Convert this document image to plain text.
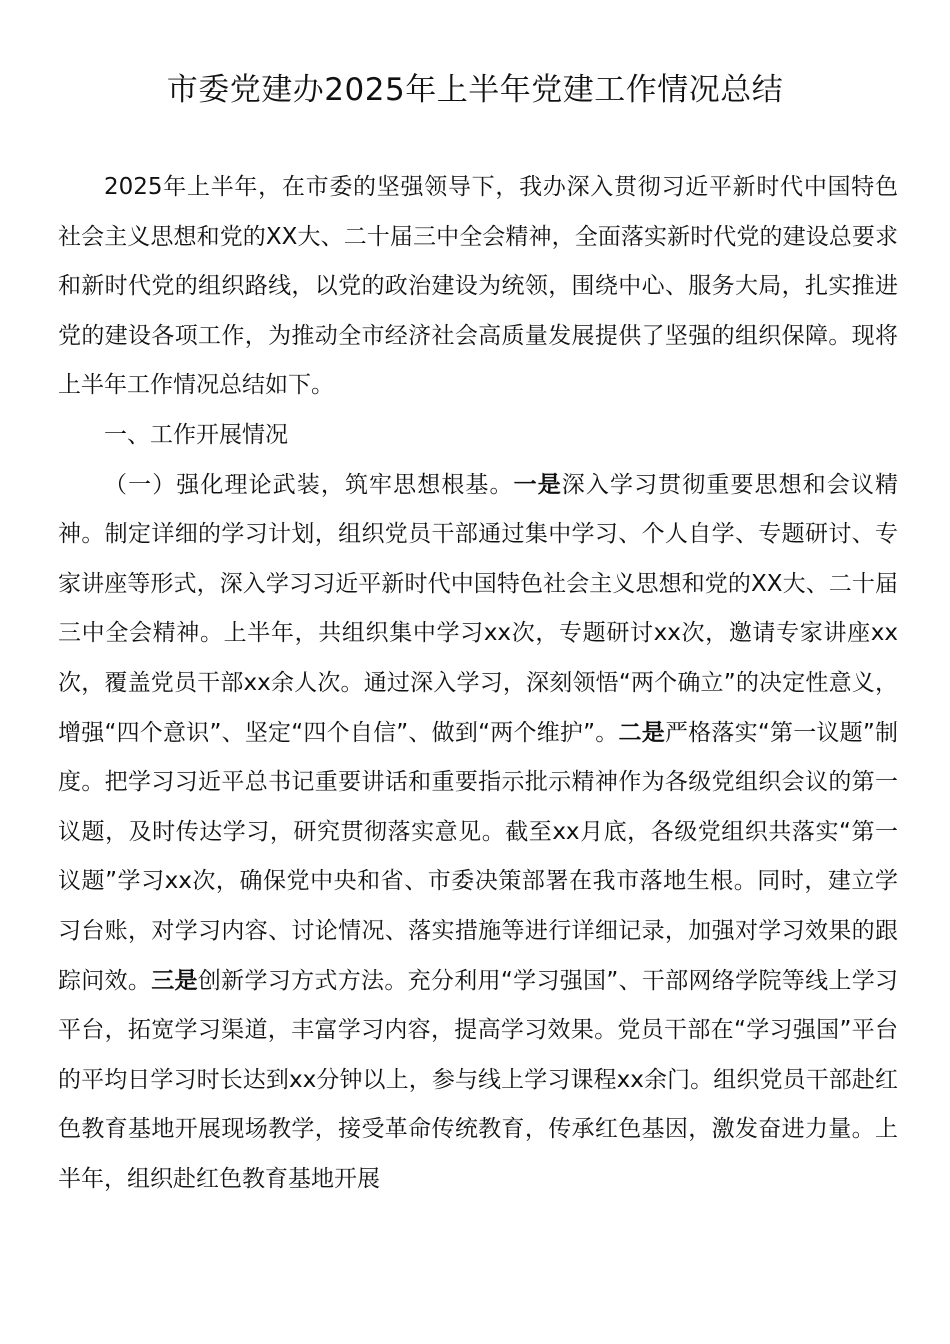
市委党建办2025年上半年党建工作情况总结

2025年上半年，在市委的坚强领导下，我办深入贯彻习近平新时代中国特色社会主义思想和党的XX大、二十届三中全会精神，全面落实新时代党的建设总要求和新时代党的组织路线，以党的政治建设为统领，围绕中心、服务大局，扎实推进党的建设各项工作，为推动全市经济社会高质量发展提供了坚强的组织保障。现将上半年工作情况总结如下。

一、工作开展情况

（一）强化理论武装，筑牢思想根基。一是深入学习贯彻重要思想和会议精神。制定详细的学习计划，组织党员干部通过集中学习、个人自学、专题研讨、专家讲座等形式，深入学习习近平新时代中国特色社会主义思想和党的XX大、二十届三中全会精神。上半年，共组织集中学习xx次，专题研讨xx次，邀请专家讲座xx次，覆盖党员干部xx余人次。通过深入学习，深刻领悟“两个确立”的决定性意义，增强“四个意识”、坚定“四个自信”、做到“两个维护”。二是严格落实“第一议题”制度。把学习习近平总书记重要讲话和重要指示批示精神作为各级党组织会议的第一议题，及时传达学习，研究贯彻落实意见。截至xx月底，各级党组织共落实“第一议题”学习xx次，确保党中央和省、市委决策部署在我市落地生根。同时，建立学习台账，对学习内容、讨论情况、落实措施等进行详细记录，加强对学习效果的跟踪问效。三是创新学习方式方法。充分利用“学习强国”、干部网络学院等线上学习平台，拓宽学习渠道，丰富学习内容，提高学习效果。党员干部在“学习强国”平台的平均日学习时长达到xx分钟以上，参与线上学习课程xx余门。组织党员干部赴红色教育基地开展现场教学，接受革命传统教育，传承红色基因，激发奋进力量。上半年，组织赴红色教育基地开展
